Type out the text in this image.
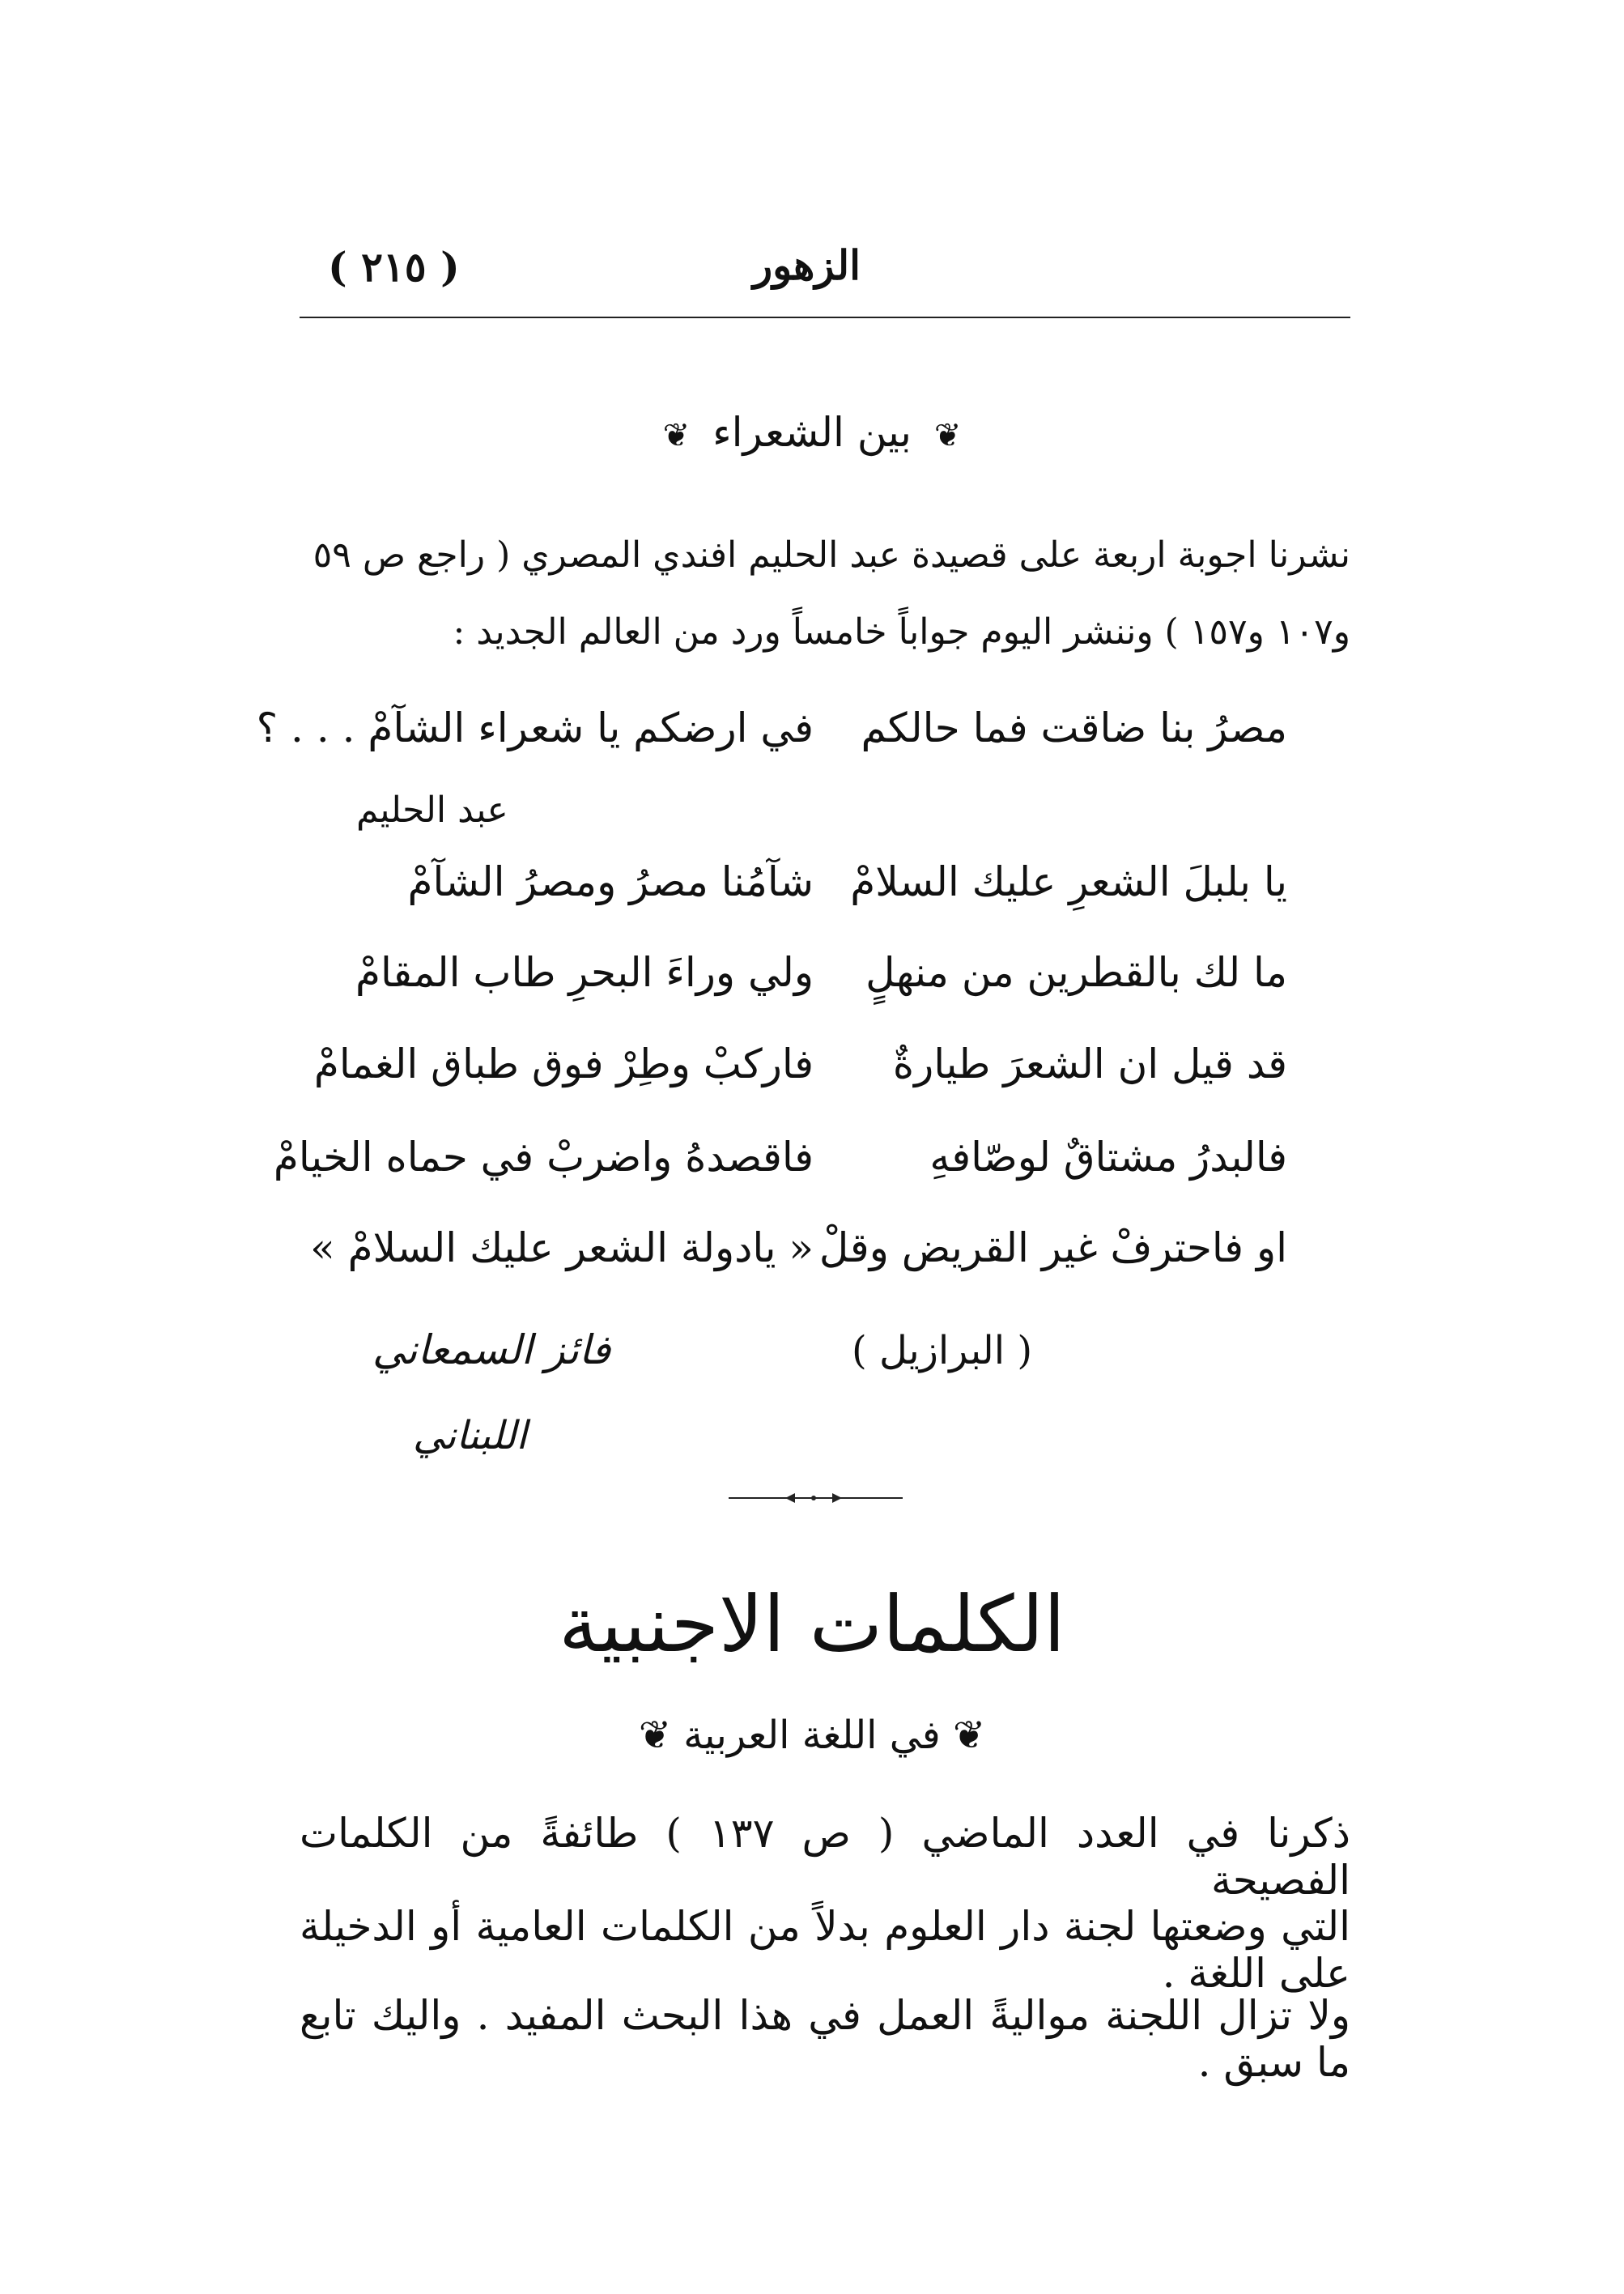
( ٢١٥ )	الزهور
❦ بين الشعراء ❦
نشرنا اجوبة اربعة على قصيدة عبد الحليم افندي المصري ( راجع ص ٥٩
و١٠٧ و١٥٧ ) وننشر اليوم جواباً خامساً ورد من العالم الجديد :
مصرُ بنا ضاقت فما حالكم
في ارضكم يا شعراء الشآمْ . . . ؟
عبد الحليم
يا بلبلَ الشعرِ عليك السلامْ
شآمُنا مصرُ ومصرُ الشآمْ
ما لك بالقطرين من منهلٍ
ولي وراءَ البحرِ طاب المقامْ
قد قيل ان الشعرَ طيارةٌ
فاركبْ وطِرْ فوق طباق الغمامْ
فالبدرُ مشتاقٌ لوصّافهِ
فاقصدهُ واضربْ في حماه الخيامْ
او فاحترفْ غير القريض وقلْ
« يادولة الشعر عليك السلامْ »
( البرازيل )
فائز السمعاني
اللبناني
الكلمات الاجنبية
❦ في اللغة العربية ❦
ذكرنا في العدد الماضي ( ص ١٣٧ ) طائفةً من الكلمات الفصيحة
التي وضعتها لجنة دار العلوم بدلاً من الكلمات العامية أو الدخيلة على اللغة .
ولا تزال اللجنة مواليةً العمل في هذا البحث المفيد . واليك تابع ما سبق .
